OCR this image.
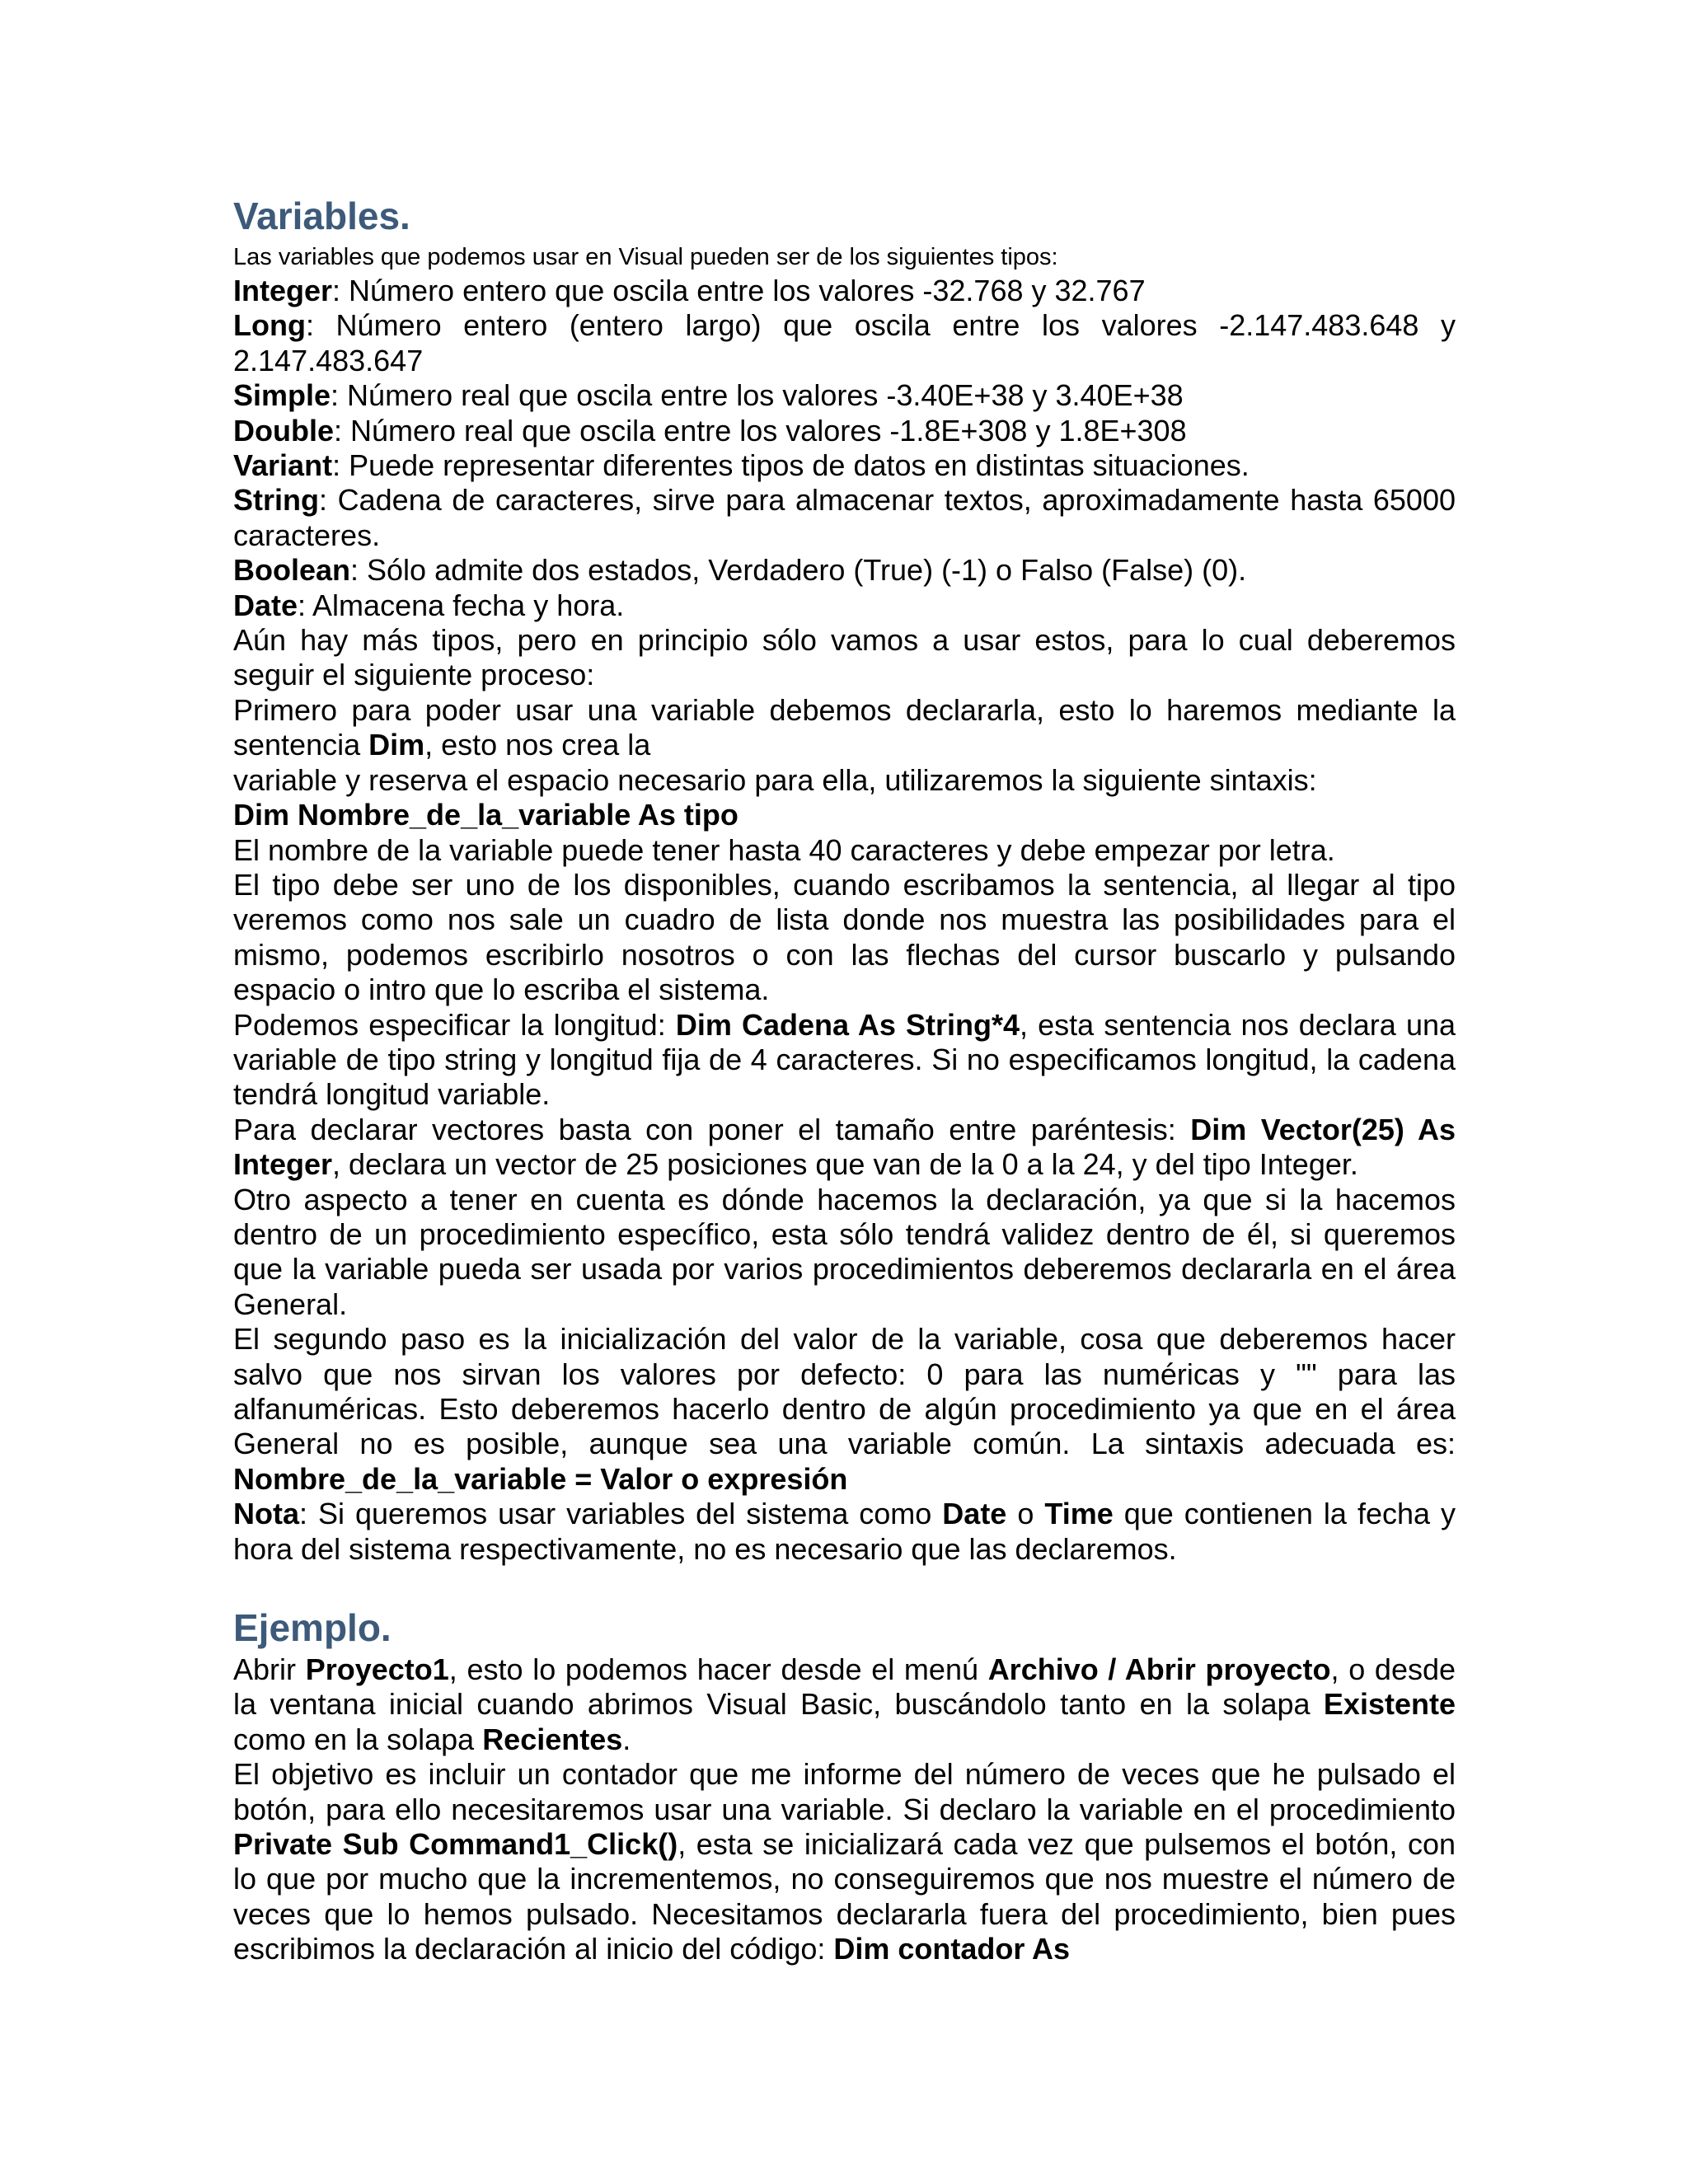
Variables.

Las variables que podemos usar en Visual pueden ser de los siguientes tipos:

Integer: Número entero que oscila entre los valores -32.768 y 32.767

Long: Número entero (entero largo) que oscila entre los valores -2.147.483.648 y 2.147.483.647

Simple: Número real que oscila entre los valores -3.40E+38 y 3.40E+38

Double: Número real que oscila entre los valores -1.8E+308 y 1.8E+308

Variant: Puede representar diferentes tipos de datos en distintas situaciones.

String: Cadena de caracteres, sirve para almacenar textos, aproximadamente hasta 65000 caracteres.

Boolean: Sólo admite dos estados, Verdadero (True) (-1) o Falso (False) (0).

Date: Almacena fecha y hora.

Aún hay más tipos, pero en principio sólo vamos a usar estos, para lo cual deberemos seguir el siguiente proceso:

Primero para poder usar una variable debemos declararla, esto lo haremos mediante la sentencia Dim, esto nos crea la

variable y reserva el espacio necesario para ella, utilizaremos la siguiente sintaxis:

Dim Nombre_de_la_variable As tipo

El nombre de la variable puede tener hasta 40 caracteres y debe empezar por letra.

El tipo debe ser uno de los disponibles, cuando escribamos la sentencia, al llegar al tipo veremos como nos sale un cuadro de lista donde nos muestra las posibilidades para el mismo, podemos escribirlo nosotros o con las flechas del cursor buscarlo y pulsando espacio o intro que lo escriba el sistema.

Podemos especificar la longitud: Dim Cadena As String*4, esta sentencia nos declara una variable de tipo string y longitud fija de 4 caracteres. Si no especificamos longitud, la cadena tendrá longitud variable.

Para declarar vectores basta con poner el tamaño entre paréntesis: Dim Vector(25) As Integer, declara un vector de 25 posiciones que van de la 0 a la 24, y del tipo Integer.

Otro aspecto a tener en cuenta es dónde hacemos la declaración, ya que si la hacemos dentro de un procedimiento específico, esta sólo tendrá validez dentro de él, si queremos que la variable pueda ser usada por varios procedimientos deberemos declararla en el área General.

El segundo paso es la inicialización del valor de la variable, cosa que deberemos hacer salvo que nos sirvan los valores por defecto: 0 para las numéricas y "" para las alfanuméricas. Esto deberemos hacerlo dentro de algún procedimiento ya que en el área General no es posible, aunque sea una variable común. La sintaxis adecuada es: Nombre_de_la_variable = Valor o expresión

Nota: Si queremos usar variables del sistema como Date o Time que contienen la fecha y hora del sistema respectivamente, no es necesario que las declaremos.

Ejemplo.

Abrir Proyecto1, esto lo podemos hacer desde el menú Archivo / Abrir proyecto, o desde la ventana inicial cuando abrimos Visual Basic, buscándolo tanto en la solapa Existente como en la solapa Recientes.

El objetivo es incluir un contador que me informe del número de veces que he pulsado el botón, para ello necesitaremos usar una variable. Si declaro la variable en el procedimiento Private Sub Command1_Click(), esta se inicializará cada vez que pulsemos el botón, con lo que por mucho que la incrementemos, no conseguiremos que nos muestre el número de veces que lo hemos pulsado. Necesitamos declararla fuera del procedimiento, bien pues escribimos la declaración al inicio del código: Dim contador As
